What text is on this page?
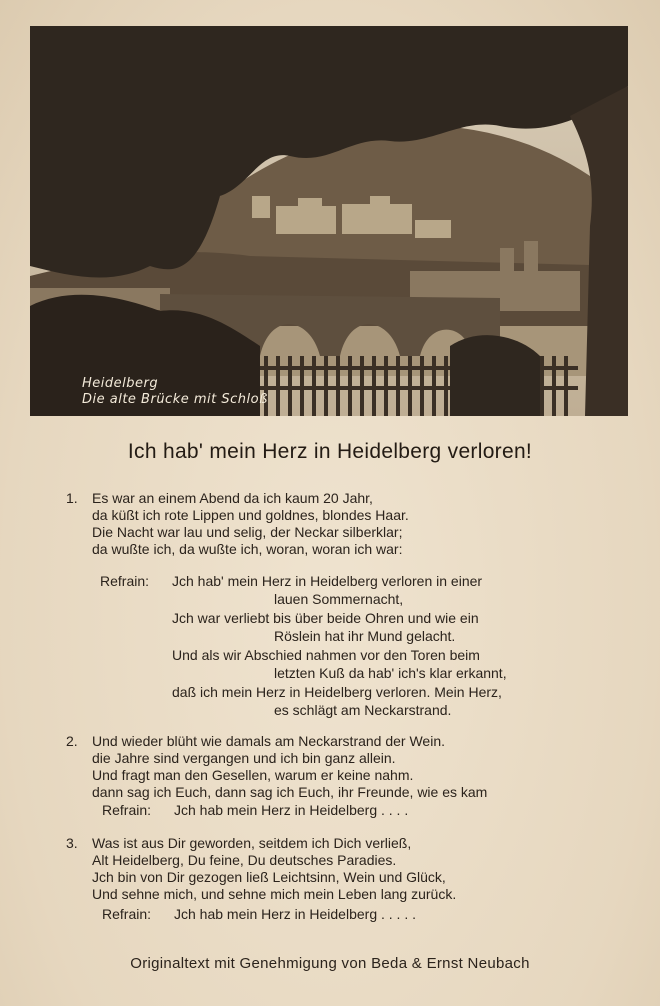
Heidelberg
Die alte Brücke mit Schloß
Ich hab' mein Herz in Heidelberg verloren!
1. Es war an einem Abend da ich kaum 20 Jahr,
da küßt ich rote Lippen und goldnes, blondes Haar.
Die Nacht war lau und selig, der Neckar silberklar;
da wußte ich, da wußte ich, woran, woran ich war:
Refrain: Jch hab' mein Herz in Heidelberg verloren in einer
lauen Sommernacht,
Jch war verliebt bis über beide Ohren und wie ein
Röslein hat ihr Mund gelacht.
Und als wir Abschied nahmen vor den Toren beim
letzten Kuß da hab' ich's klar erkannt,
daß ich mein Herz in Heidelberg verloren. Mein Herz,
es schlägt am Neckarstrand.
2. Und wieder blüht wie damals am Neckarstrand der Wein.
die Jahre sind vergangen und ich bin ganz allein.
Und fragt man den Gesellen, warum er keine nahm.
dann sag ich Euch, dann sag ich Euch, ihr Freunde, wie es kam
Refrain: Jch hab mein Herz in Heidelberg . . . .
3. Was ist aus Dir geworden, seitdem ich Dich verließ,
Alt Heidelberg, Du feine, Du deutsches Paradies.
Jch bin von Dir gezogen ließ Leichtsinn, Wein und Glück,
Und sehne mich, und sehne mich mein Leben lang zurück.
Refrain: Jch hab mein Herz in Heidelberg . . . . .
Originaltext mit Genehmigung von Beda & Ernst Neubach
